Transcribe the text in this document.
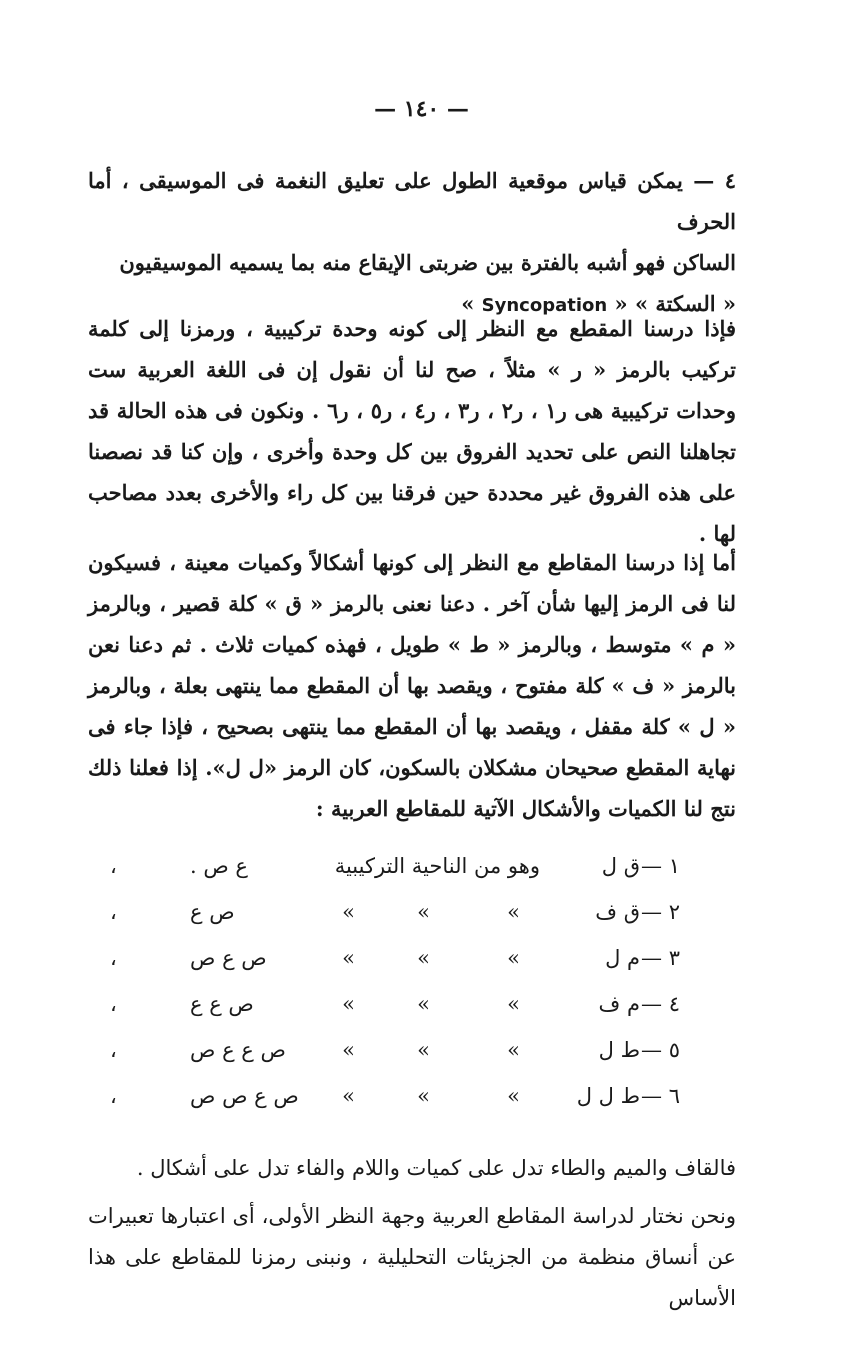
— ١٤٠ —
٤ — يمكن قياس موقعية الطول على تعليق النغمة فى الموسيقى ، أما الحرف
الساكن فهو أشبه بالفترة بين ضربتى الإيقاع منه بما يسميه الموسيقيون
« السكتة » « Syncopation »
فإذا درسنا المقطع مع النظر إلى كونه وحدة تركيبية ، ورمزنا إلى كلمة تركيب بالرمز « ر » مثلاً ، صح لنا أن نقول إن فى اللغة العربية ست وحدات تركيبية هى ر١ ، ر٢ ، ر٣ ، ر٤ ، ر٥ ، ر٦ . ونكون فى هذه الحالة قد تجاهلنا النص على تحديد الفروق بين كل وحدة وأخرى ، وإن كنا قد نصصنا على هذه الفروق غير محددة حين فرقنا بين كل راء والأخرى بعدد مصاحب لها .
أما إذا درسنا المقاطع مع النظر إلى كونها أشكالاً وكميات معينة ، فسيكون لنا فى الرمز إليها شأن آخر . دعنا نعنى بالرمز « ق » كلة قصير ، وبالرمز « م » متوسط ، وبالرمز « ط » طويل ، فهذه كميات ثلاث . ثم دعنا نعن بالرمز « ف » كلة مفتوح ، ويقصد بها أن المقطع مما ينتهى بعلة ، وبالرمز « ل » كلة مقفل ، ويقصد بها أن المقطع مما ينتهى بصحيح ، فإذا جاء فى نهاية المقطع صحيحان مشكلان بالسكون، كان الرمز «ل ل». إذا فعلنا ذلك نتج لنا الكميات والأشكال الآتية للمقاطع العربية :
١ —
ق ل
وهو من الناحية التركيبية
ع ص .
،
٢ —
ق ف
»
»
»
ص ع
،
٣ —
م ل
»
»
»
ص ع ص
،
٤ —
م ف
»
»
»
ص ع ع
،
٥ —
ط ل
»
»
»
ص ع ع ص
،
٦ —
ط ل ل
»
»
»
ص ع ص ص
،
فالقاف والميم والطاء تدل على كميات واللام والفاء تدل على أشكال .
ونحن نختار لدراسة المقاطع العربية وجهة النظر الأولى، أى اعتبارها تعبيرات عن أنساق منظمة من الجزيئات التحليلية ، ونبنى رمزنا للمقاطع على هذا الأساس
